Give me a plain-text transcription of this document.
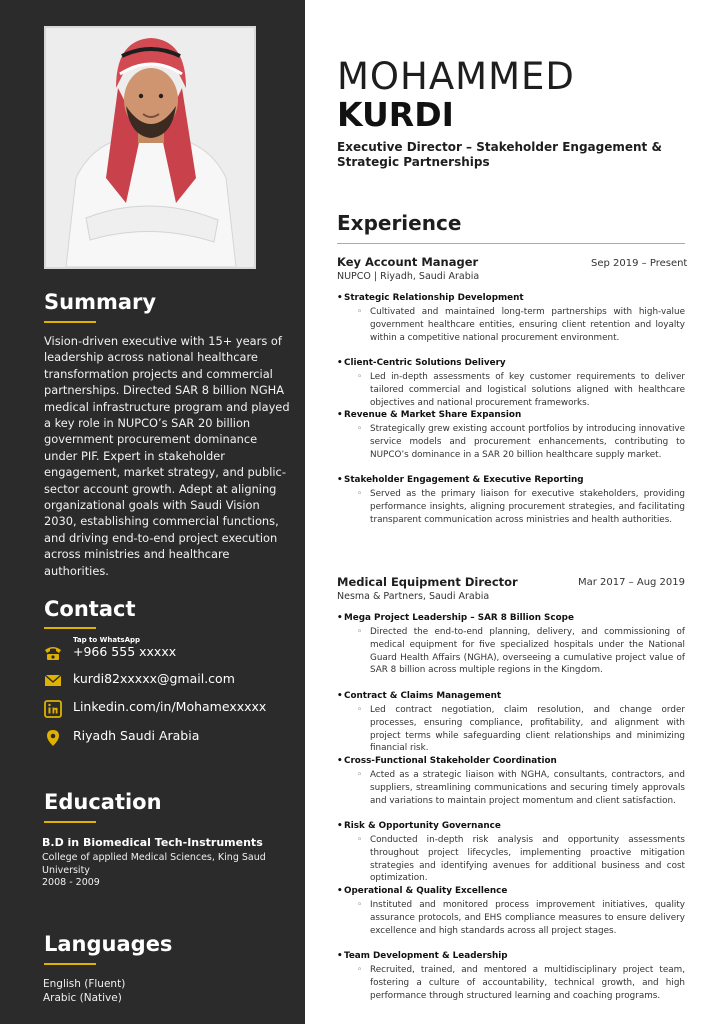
Summary
Vision-driven executive with 15+ years of leadership across national healthcare transformation projects and commercial partnerships. Directed SAR 8 billion NGHA medical infrastructure program and played a key role in NUPCO’s SAR 20 billion government procurement dominance under PIF. Expert in stakeholder engagement, market strategy, and public-sector account growth. Adept at aligning organizational goals with Saudi Vision 2030, establishing commercial functions, and driving end-to-end project execution across ministries and healthcare authorities.
Contact
Tap to WhatsApp
+966 555 xxxxx
kurdi82xxxxx@gmail.com
Linkedin.com/in/Mohamexxxxx
Riyadh Saudi Arabia
Education
B.D in Biomedical Tech-Instruments
College of applied Medical Sciences, King Saud University
2008 - 2009
Languages
English (Fluent)
Arabic (Native)
MOHAMMED
KURDI
Executive Director – Stakeholder Engagement & Strategic Partnerships
Experience
Key Account Manager	Sep 2019 – Present
NUPCO | Riyadh, Saudi Arabia
• Strategic Relationship Development
◦ Cultivated and maintained long-term partnerships with high-value government healthcare entities, ensuring client retention and loyalty within a competitive national procurement environment.
• Client-Centric Solutions Delivery
◦ Led in-depth assessments of key customer requirements to deliver tailored commercial and logistical solutions aligned with healthcare objectives and national procurement frameworks.
• Revenue & Market Share Expansion
◦ Strategically grew existing account portfolios by introducing innovative service models and procurement enhancements, contributing to NUPCO’s dominance in a SAR 20 billion healthcare supply market.
• Stakeholder Engagement & Executive Reporting
◦ Served as the primary liaison for executive stakeholders, providing performance insights, aligning procurement strategies, and facilitating transparent communication across ministries and health authorities.
Medical Equipment Director	Mar 2017 – Aug 2019
Nesma & Partners, Saudi Arabia
• Mega Project Leadership – SAR 8 Billion Scope
◦ Directed the end-to-end planning, delivery, and commissioning of medical equipment for five specialized hospitals under the National Guard Health Affairs (NGHA), overseeing a cumulative project value of SAR 8 billion across multiple regions in the Kingdom.
• Contract & Claims Management
◦ Led contract negotiation, claim resolution, and change order processes, ensuring compliance, profitability, and alignment with project terms while safeguarding client relationships and minimizing financial risk.
• Cross-Functional Stakeholder Coordination
◦ Acted as a strategic liaison with NGHA, consultants, contractors, and suppliers, streamlining communications and securing timely approvals and variations to maintain project momentum and client satisfaction.
• Risk & Opportunity Governance
◦ Conducted in-depth risk analysis and opportunity assessments throughout project lifecycles, implementing proactive mitigation strategies and identifying avenues for additional business and cost optimization.
• Operational & Quality Excellence
◦ Instituted and monitored process improvement initiatives, quality assurance protocols, and EHS compliance measures to ensure delivery excellence and high standards across all project stages.
• Team Development & Leadership
◦ Recruited, trained, and mentored a multidisciplinary project team, fostering a culture of accountability, technical growth, and high performance through structured learning and coaching programs.
